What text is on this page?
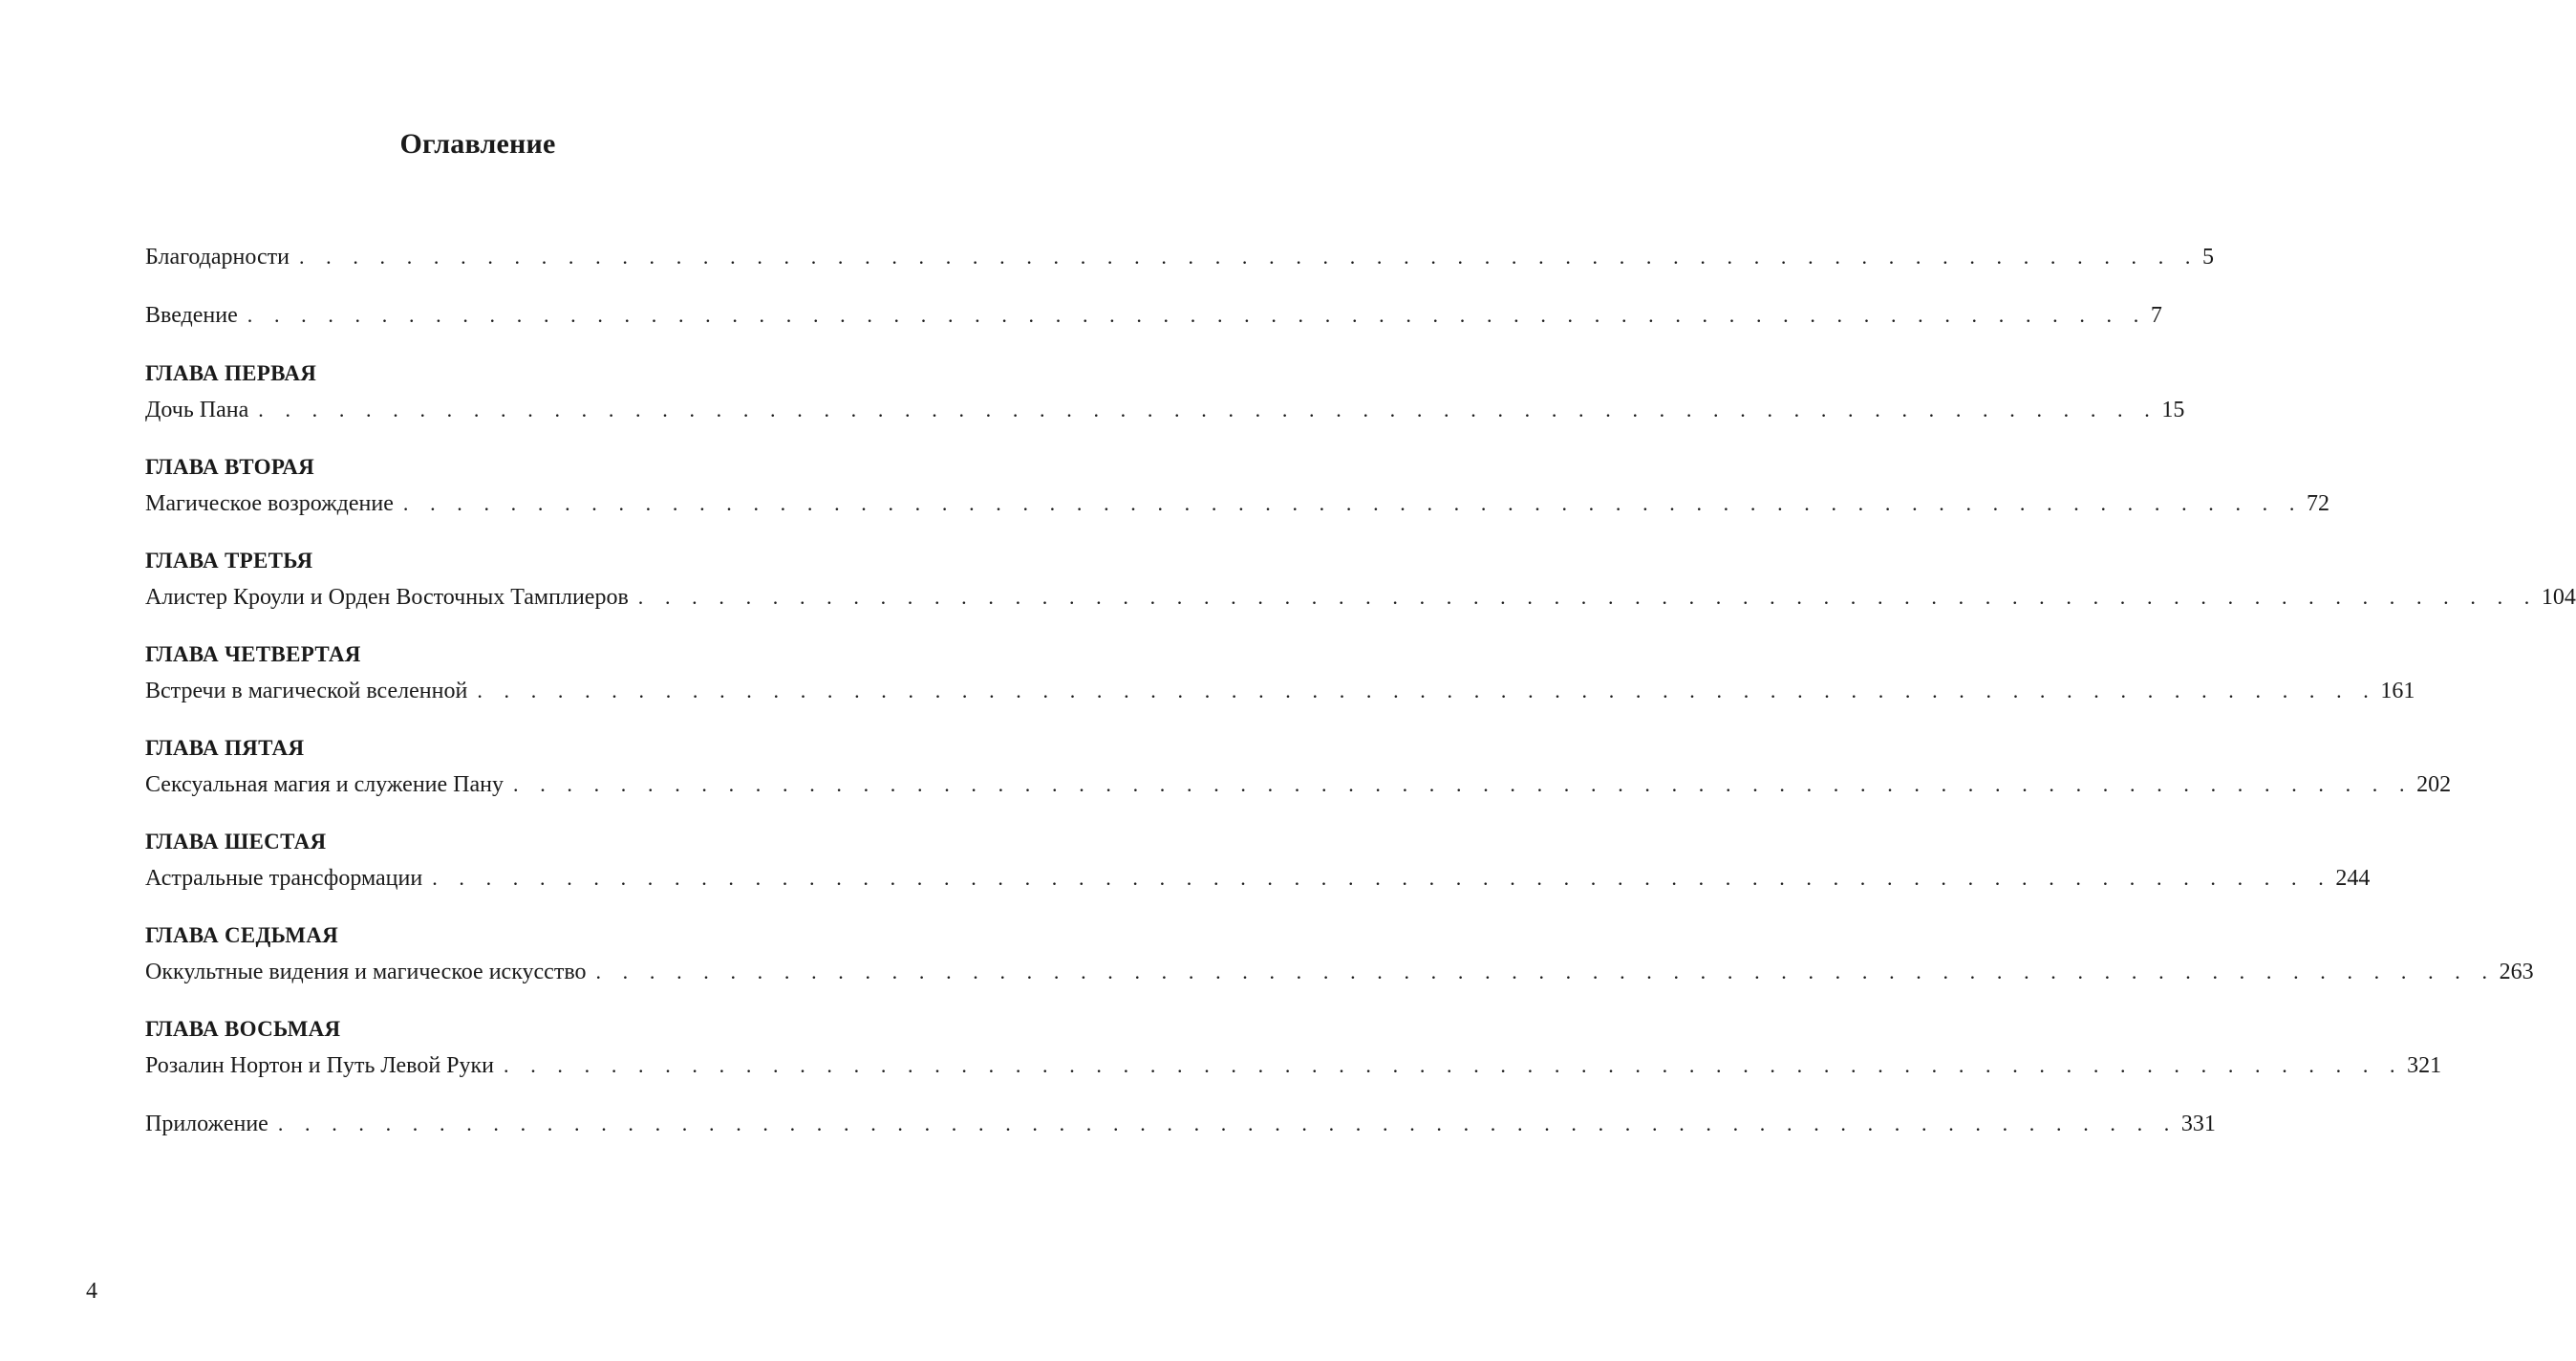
Оглавление
Благодарности . . . . . . . . . . . . . . . . . . . . . . . . . . . . . . . . . . . . . . . . . . . . . . . . . . . . . . . . . . . . . . . . . . . . . . . 5
Введение . . . . . . . . . . . . . . . . . . . . . . . . . . . . . . . . . . . . . . . . . . . . . . . . . . . . . . . . . . . . . . . . . . . . . . . 7
ГЛАВА ПЕРВАЯ
Дочь Пана . . . . . . . . . . . . . . . . . . . . . . . . . . . . . . . . . . . . . . . . . . . . . . . . . . . . . . . . . . . . . . . . . . . . . . . 15
ГЛАВА ВТОРАЯ
Магическое возрождение . . . . . . . . . . . . . . . . . . . . . . . . . . . . . . . . . . . . . . . . . . . . . . . . . . . . . . . . . . . . . . . . . . . . . . . 72
ГЛАВА ТРЕТЬЯ
Алистер Кроули и Орден Восточных Тамплиеров . . . . . . . . . . . . . . . . . . . . . . . . . . . . . . . . . . . . . . . . . . . . . . . . . . . . . . . . . . . . . . . . . . . . . . . 104
ГЛАВА ЧЕТВЕРТАЯ
Встречи в магической вселенной . . . . . . . . . . . . . . . . . . . . . . . . . . . . . . . . . . . . . . . . . . . . . . . . . . . . . . . . . . . . . . . . . . . . . . . 161
ГЛАВА ПЯТАЯ
Сексуальная магия и служение Пану . . . . . . . . . . . . . . . . . . . . . . . . . . . . . . . . . . . . . . . . . . . . . . . . . . . . . . . . . . . . . . . . . . . . . . . 202
ГЛАВА ШЕСТАЯ
Астральные трансформации . . . . . . . . . . . . . . . . . . . . . . . . . . . . . . . . . . . . . . . . . . . . . . . . . . . . . . . . . . . . . . . . . . . . . . . 244
ГЛАВА СЕДЬМАЯ
Оккультные видения и магическое искусство . . . . . . . . . . . . . . . . . . . . . . . . . . . . . . . . . . . . . . . . . . . . . . . . . . . . . . . . . . . . . . . . . . . . . . . 263
ГЛАВА ВОСЬМАЯ
Розалин Нортон и Путь Левой Руки . . . . . . . . . . . . . . . . . . . . . . . . . . . . . . . . . . . . . . . . . . . . . . . . . . . . . . . . . . . . . . . . . . . . . . . 321
Приложение . . . . . . . . . . . . . . . . . . . . . . . . . . . . . . . . . . . . . . . . . . . . . . . . . . . . . . . . . . . . . . . . . . . . . . . 331
4
